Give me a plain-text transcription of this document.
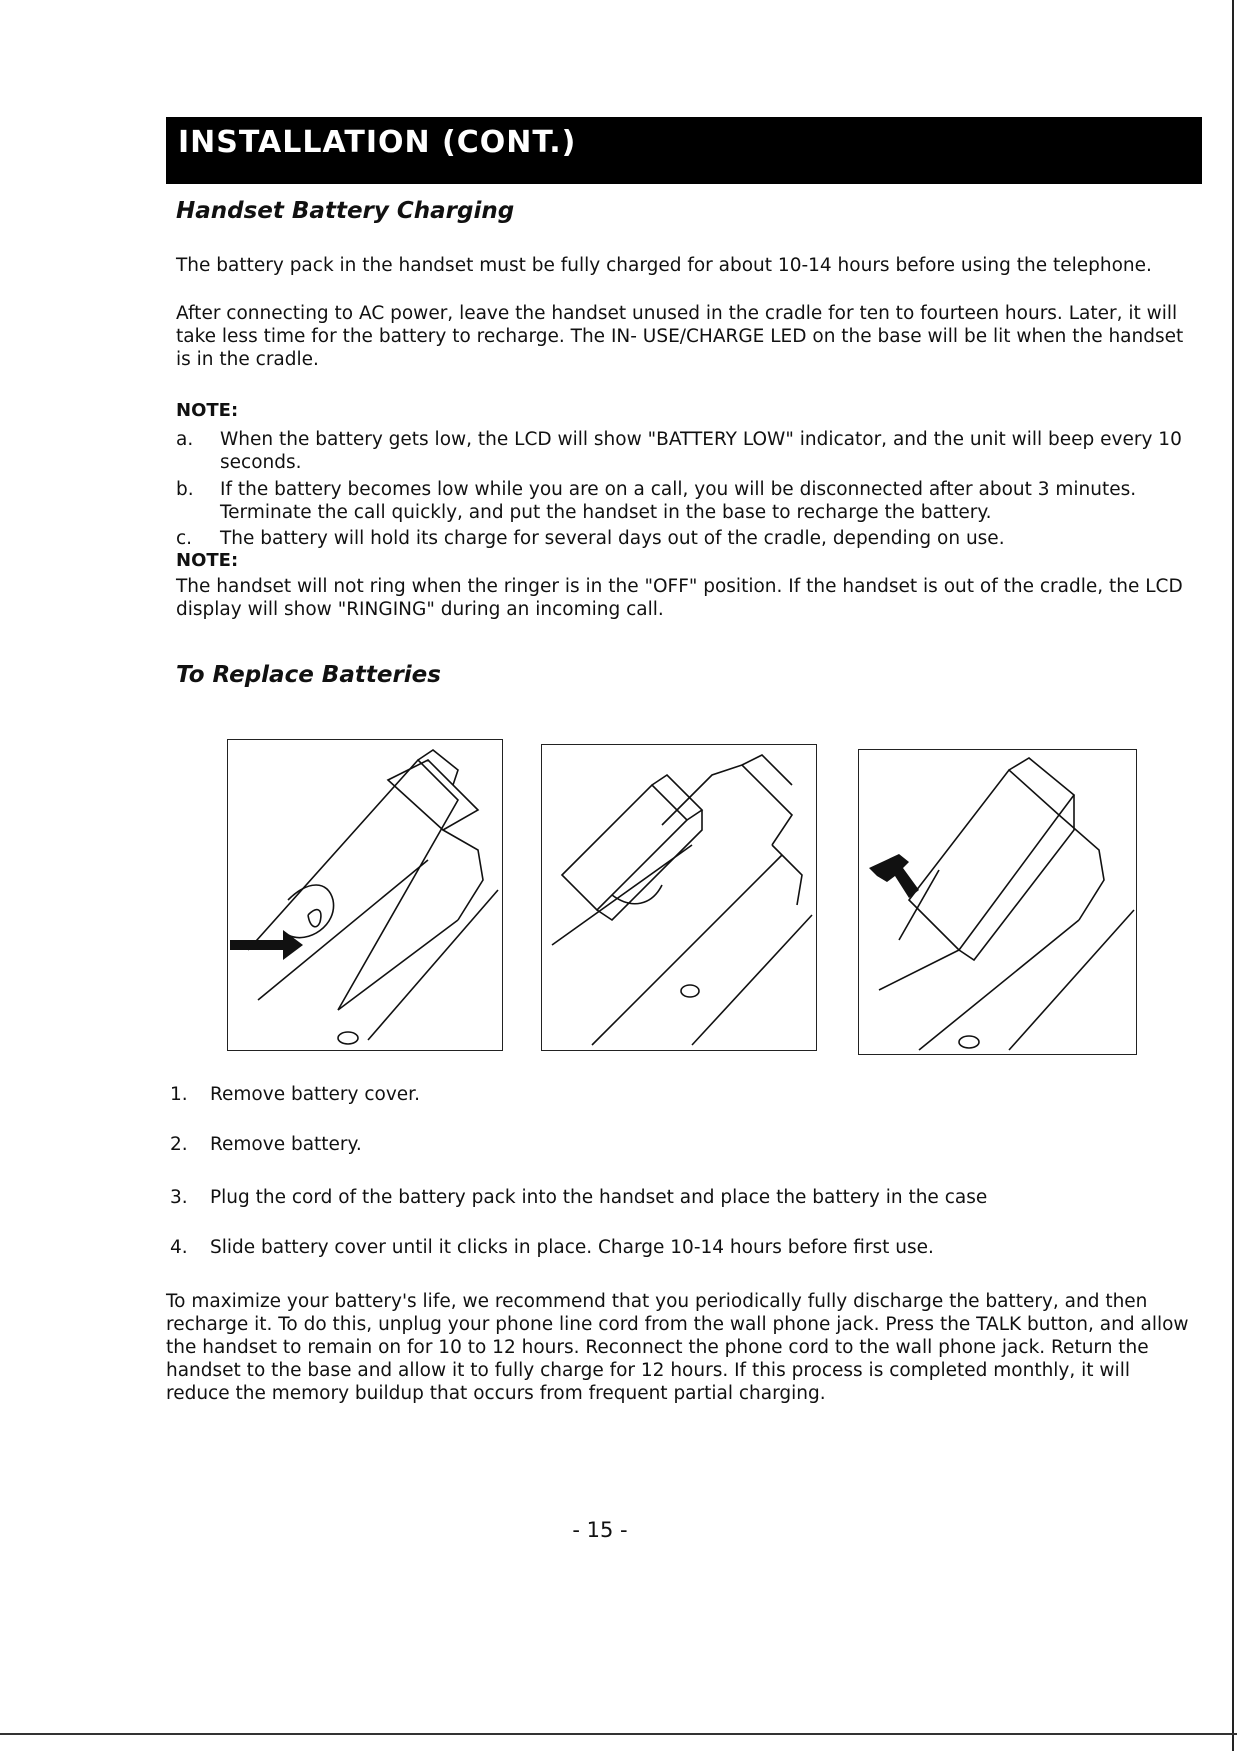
INSTALLATION (CONT.)
Handset Battery Charging
The battery pack in the handset must be fully charged for about 10-14 hours before using the telephone.
After connecting to AC power, leave the handset unused in the cradle for ten to fourteen hours. Later, it will take less time for the battery to recharge. The IN- USE/CHARGE LED on the base will be lit when the handset is in the cradle.
NOTE:
a. When the battery gets low, the LCD will show "BATTERY LOW" indicator, and the unit will beep every 10 seconds.
b. If the battery becomes low while you are on a call, you will be disconnected after about 3 minutes. Terminate the call quickly, and put the handset in the base to recharge the battery.
c. The battery will hold its charge for several days out of the cradle, depending on use.
NOTE:
The handset will not ring when the ringer is in the "OFF" position. If the handset is out of the cradle, the LCD display will show "RINGING" during an incoming call.
To Replace Batteries
1. Remove battery cover.
2. Remove battery.
3. Plug the cord of the battery pack into the handset and place the battery in the case
4. Slide battery cover until it clicks in place. Charge 10-14 hours before first use.
To maximize your battery's life, we recommend that you periodically fully discharge the battery, and then recharge it. To do this, unplug your phone line cord from the wall phone jack. Press the TALK button, and allow the handset to remain on for 10 to 12 hours. Reconnect the phone cord to the wall phone jack. Return the handset to the base and allow it to fully charge for 12 hours. If this process is completed monthly, it will reduce the memory buildup that occurs from frequent partial charging.
- 15 -
